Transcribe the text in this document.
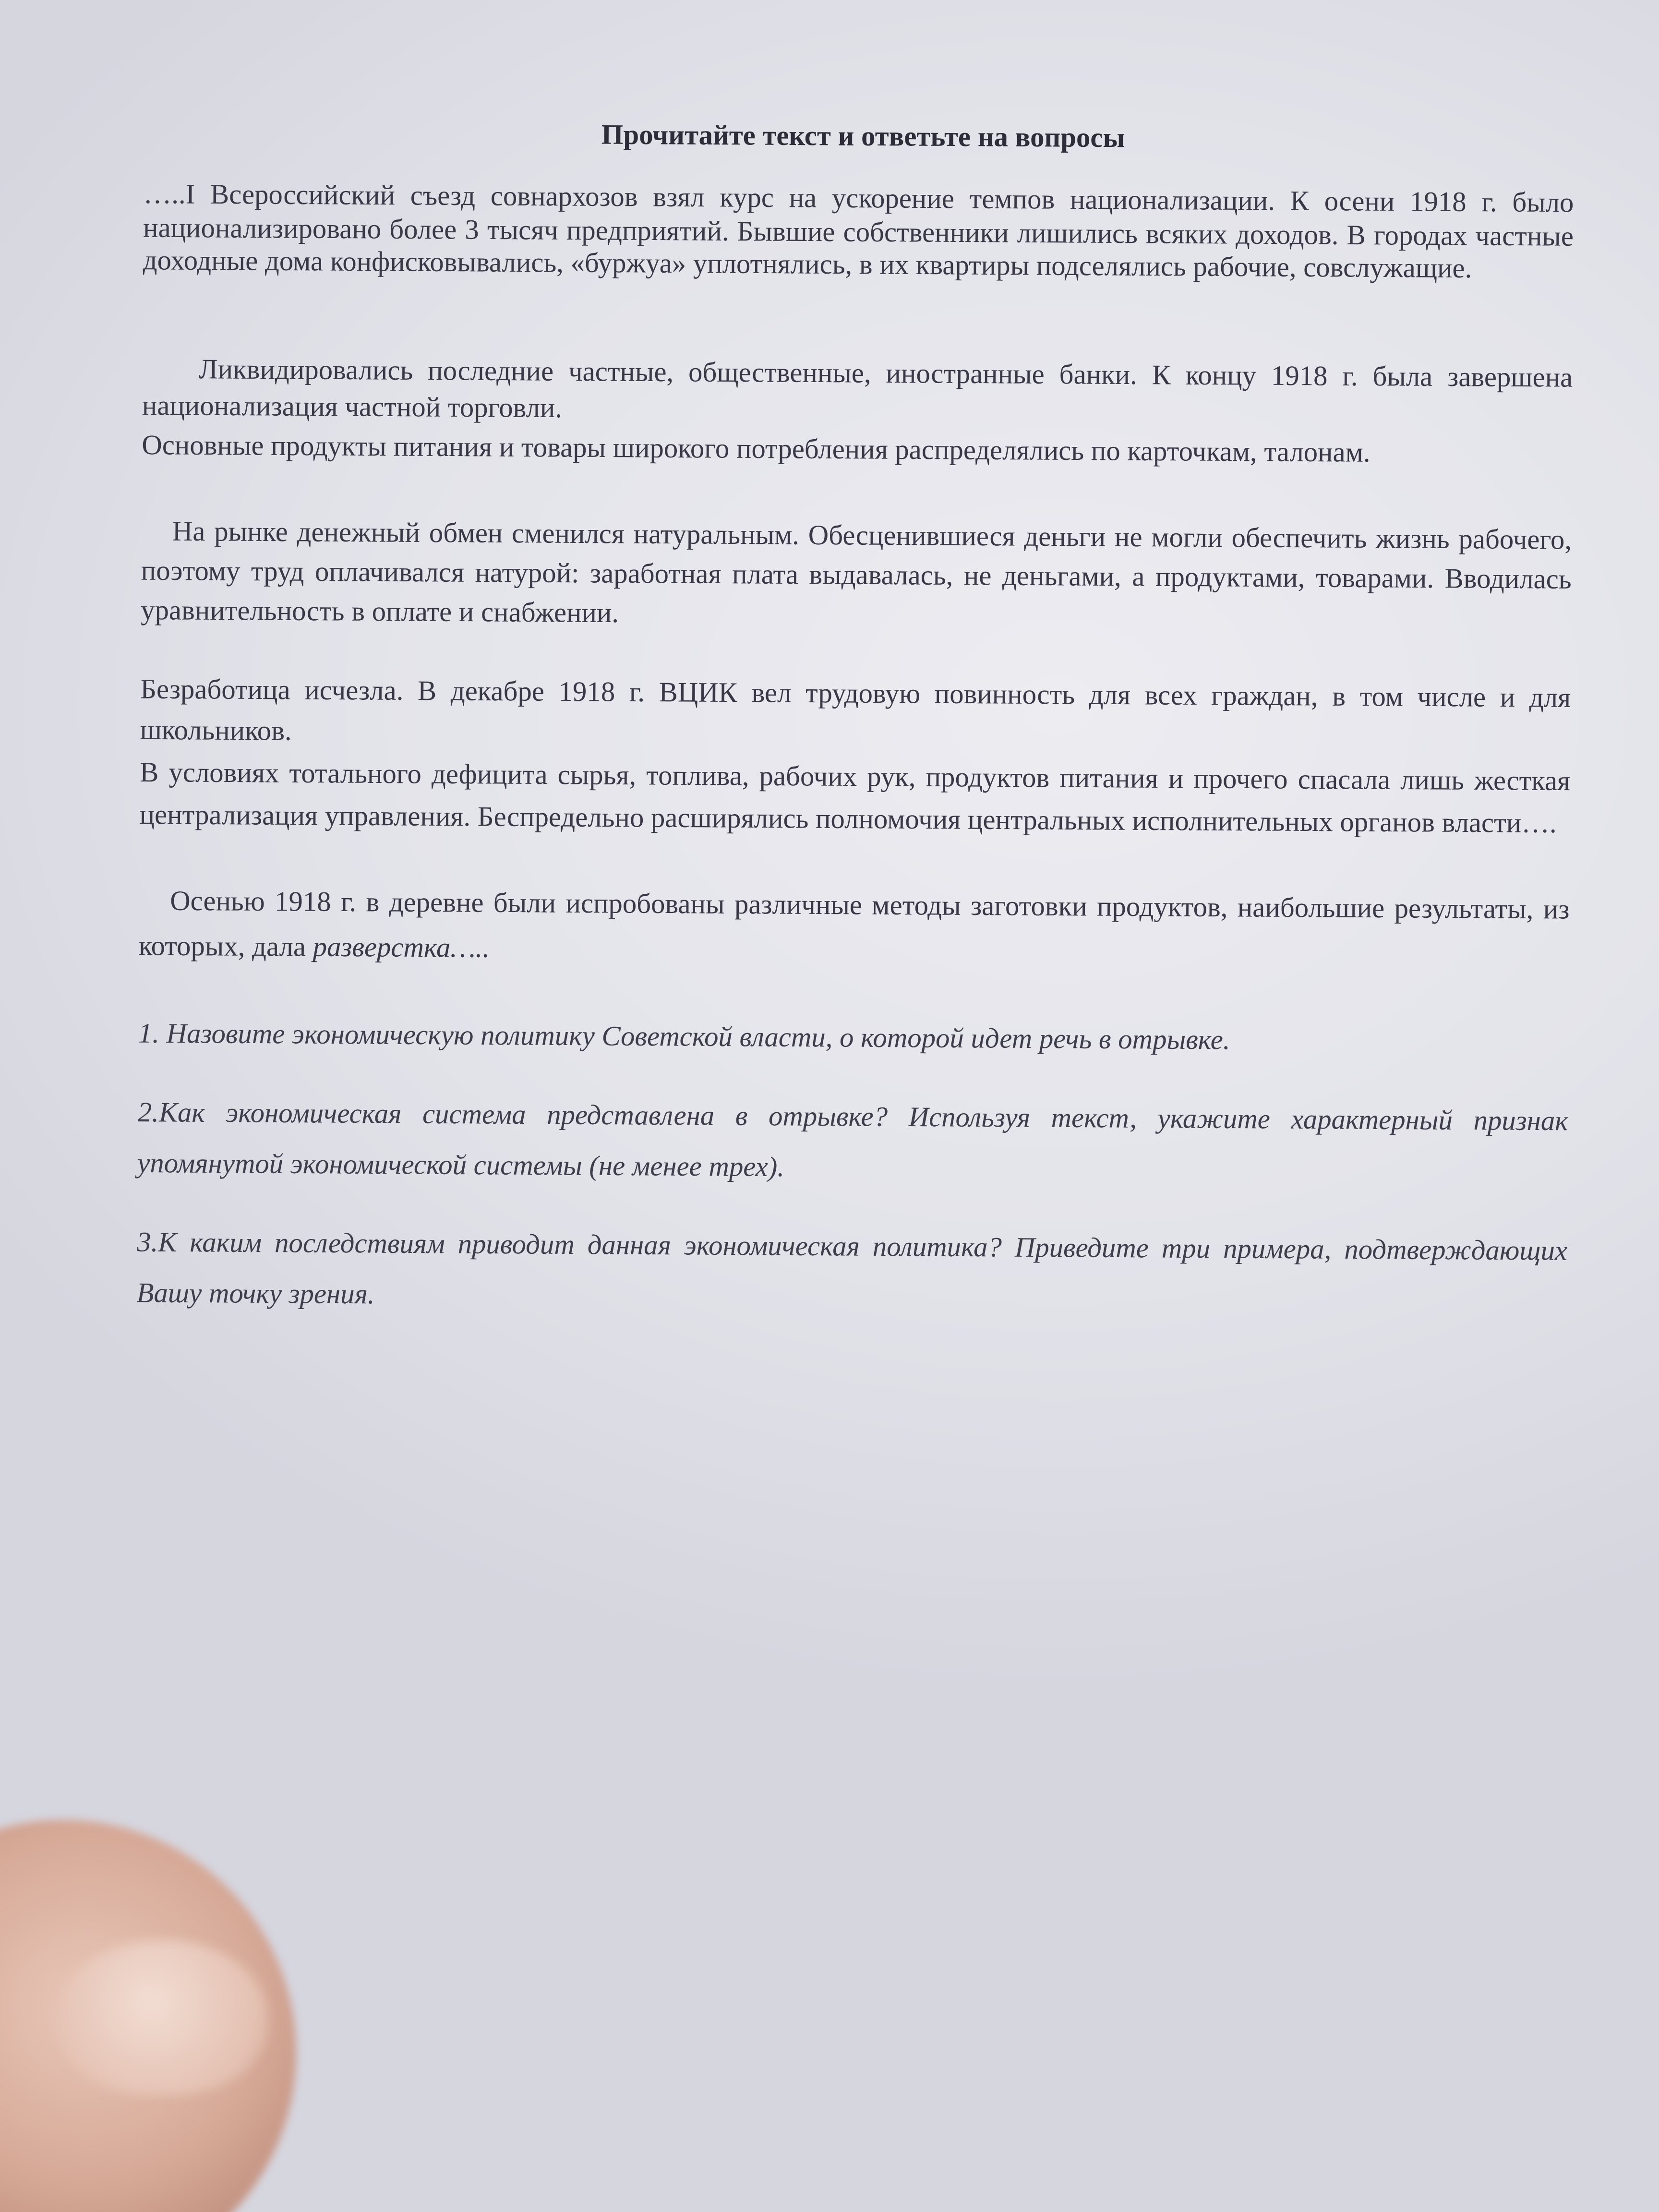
Прочитайте текст и ответьте на вопросы
…..I Всероссийский съезд совнархозов взял курс на ускорение темпов национализации. К осени 1918 г. было национализировано более 3 тысяч предприятий. Бывшие собственники лишились всяких доходов. В городах частные доходные дома конфисковывались, «буржуа» уплотнялись, в их квартиры подселялись рабочие, совслужащие.
Ликвидировались последние частные, общественные, иностранные банки. К концу 1918 г. была завершена национализация частной торговли.
Основные продукты питания и товары широкого потребления распределялись по карточкам, талонам.
На рынке денежный обмен сменился натуральным. Обесценившиеся деньги не могли обеспечить жизнь рабочего, поэтому труд оплачивался натурой: заработная плата выдавалась, не деньгами, а продуктами, товарами. Вводилась уравнительность в оплате и снабжении.
Безработица исчезла. В декабре 1918 г. ВЦИК вел трудовую повинность для всех граждан, в том числе и для школьников.
В условиях тотального дефицита сырья, топлива, рабочих рук, продуктов питания и прочего спасала лишь жесткая централизация управления. Беспредельно расширялись полномочия центральных исполнительных органов власти….
Осенью 1918 г. в деревне были испробованы различные методы заготовки продуктов, наибольшие результаты, из которых, дала разверстка…..
1. Назовите экономическую политику Советской власти, о которой идет речь в отрывке.
2.Как экономическая система представлена в отрывке? Используя текст, укажите характерный признак упомянутой экономической системы (не менее трех).
3.К каким последствиям приводит данная экономическая политика? Приведите три примера, подтверждающих Вашу точку зрения.
